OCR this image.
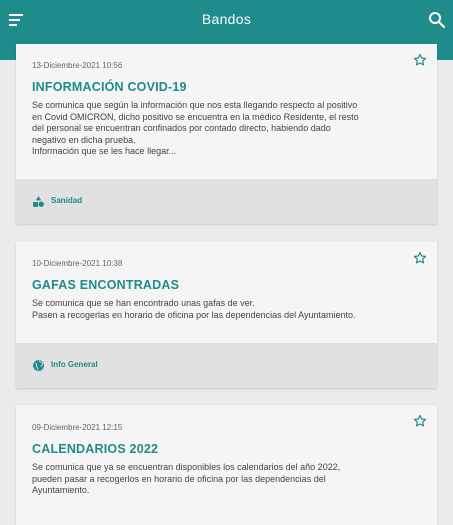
Bandos
13-Diciembre-2021 10:56
INFORMACIÓN COVID-19

Se comunica que según la información que nos esta llegando respecto al positivo

en Covid OMICRON, dicho positivo se encuentra en la médico Residente, el resto

del personal se encuentran confinados por contado directo, habiendo dado

negativo en dicha prueba.

Información que se les hace llegar...

Sanidad
10-Diciembre-2021 10:38
GAFAS ENCONTRADAS

Se comunica que se han encontrado unas gafas de ver.

Pasen a recogerlas en horario de oficina por las dependencias del Ayuntamiento.

Info General
09-Diciembre-2021 12:15
CALENDARIOS 2022

Se comunica que ya se encuentran disponibles los calendarios del año 2022,

pueden pasar a recogerlos en horario de oficina por las dependencias del

Ayuntamiento.
